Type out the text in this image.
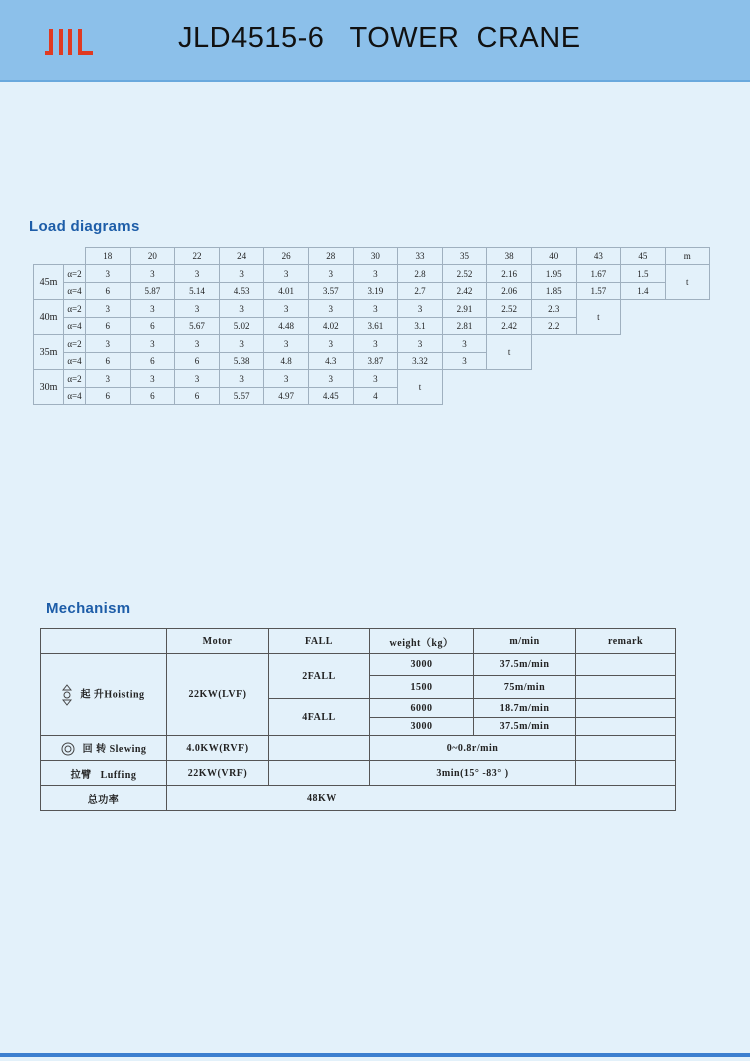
JLD4515-6   TOWER  CRANE
Load diagrams
		18	20	22	24	26	28	30	33	35	38	40	43	45	m
45m	α=2	3	3	3	3	3	3	3	2.8	2.52	2.16	1.95	1.67	1.5	t
	α=4	6	5.87	5.14	4.53	4.01	3.57	3.19	2.7	2.42	2.06	1.85	1.57	1.4	
40m	α=2	3	3	3	3	3	3	3	3	2.91	2.52	2.3	t		
	α=4	6	6	5.67	5.02	4.48	4.02	3.61	3.1	2.81	2.42	2.2			
35m	α=2	3	3	3	3	3	3	3	3	3	t				
	α=4	6	6	6	5.38	4.8	4.3	3.87	3.32	3					
30m	α=2	3	3	3	3	3	3	3	t						
	α=4	6	6	6	5.57	4.97	4.45	4							
Mechanism
	Motor	FALL	weight（kg）	m/min	remark
起 升Hoisting	22KW(LVF)	2FALL	3000	37.5m/min	
			1500	75m/min	
		4FALL	6000	18.7m/min	
			3000	37.5m/min	
回 转 Slewing	4.0KW(RVF)		0~0.8r/min		
拉臂   Luffing	22KW(VRF)		3min(15° -83° )		
总功率	48KW				
